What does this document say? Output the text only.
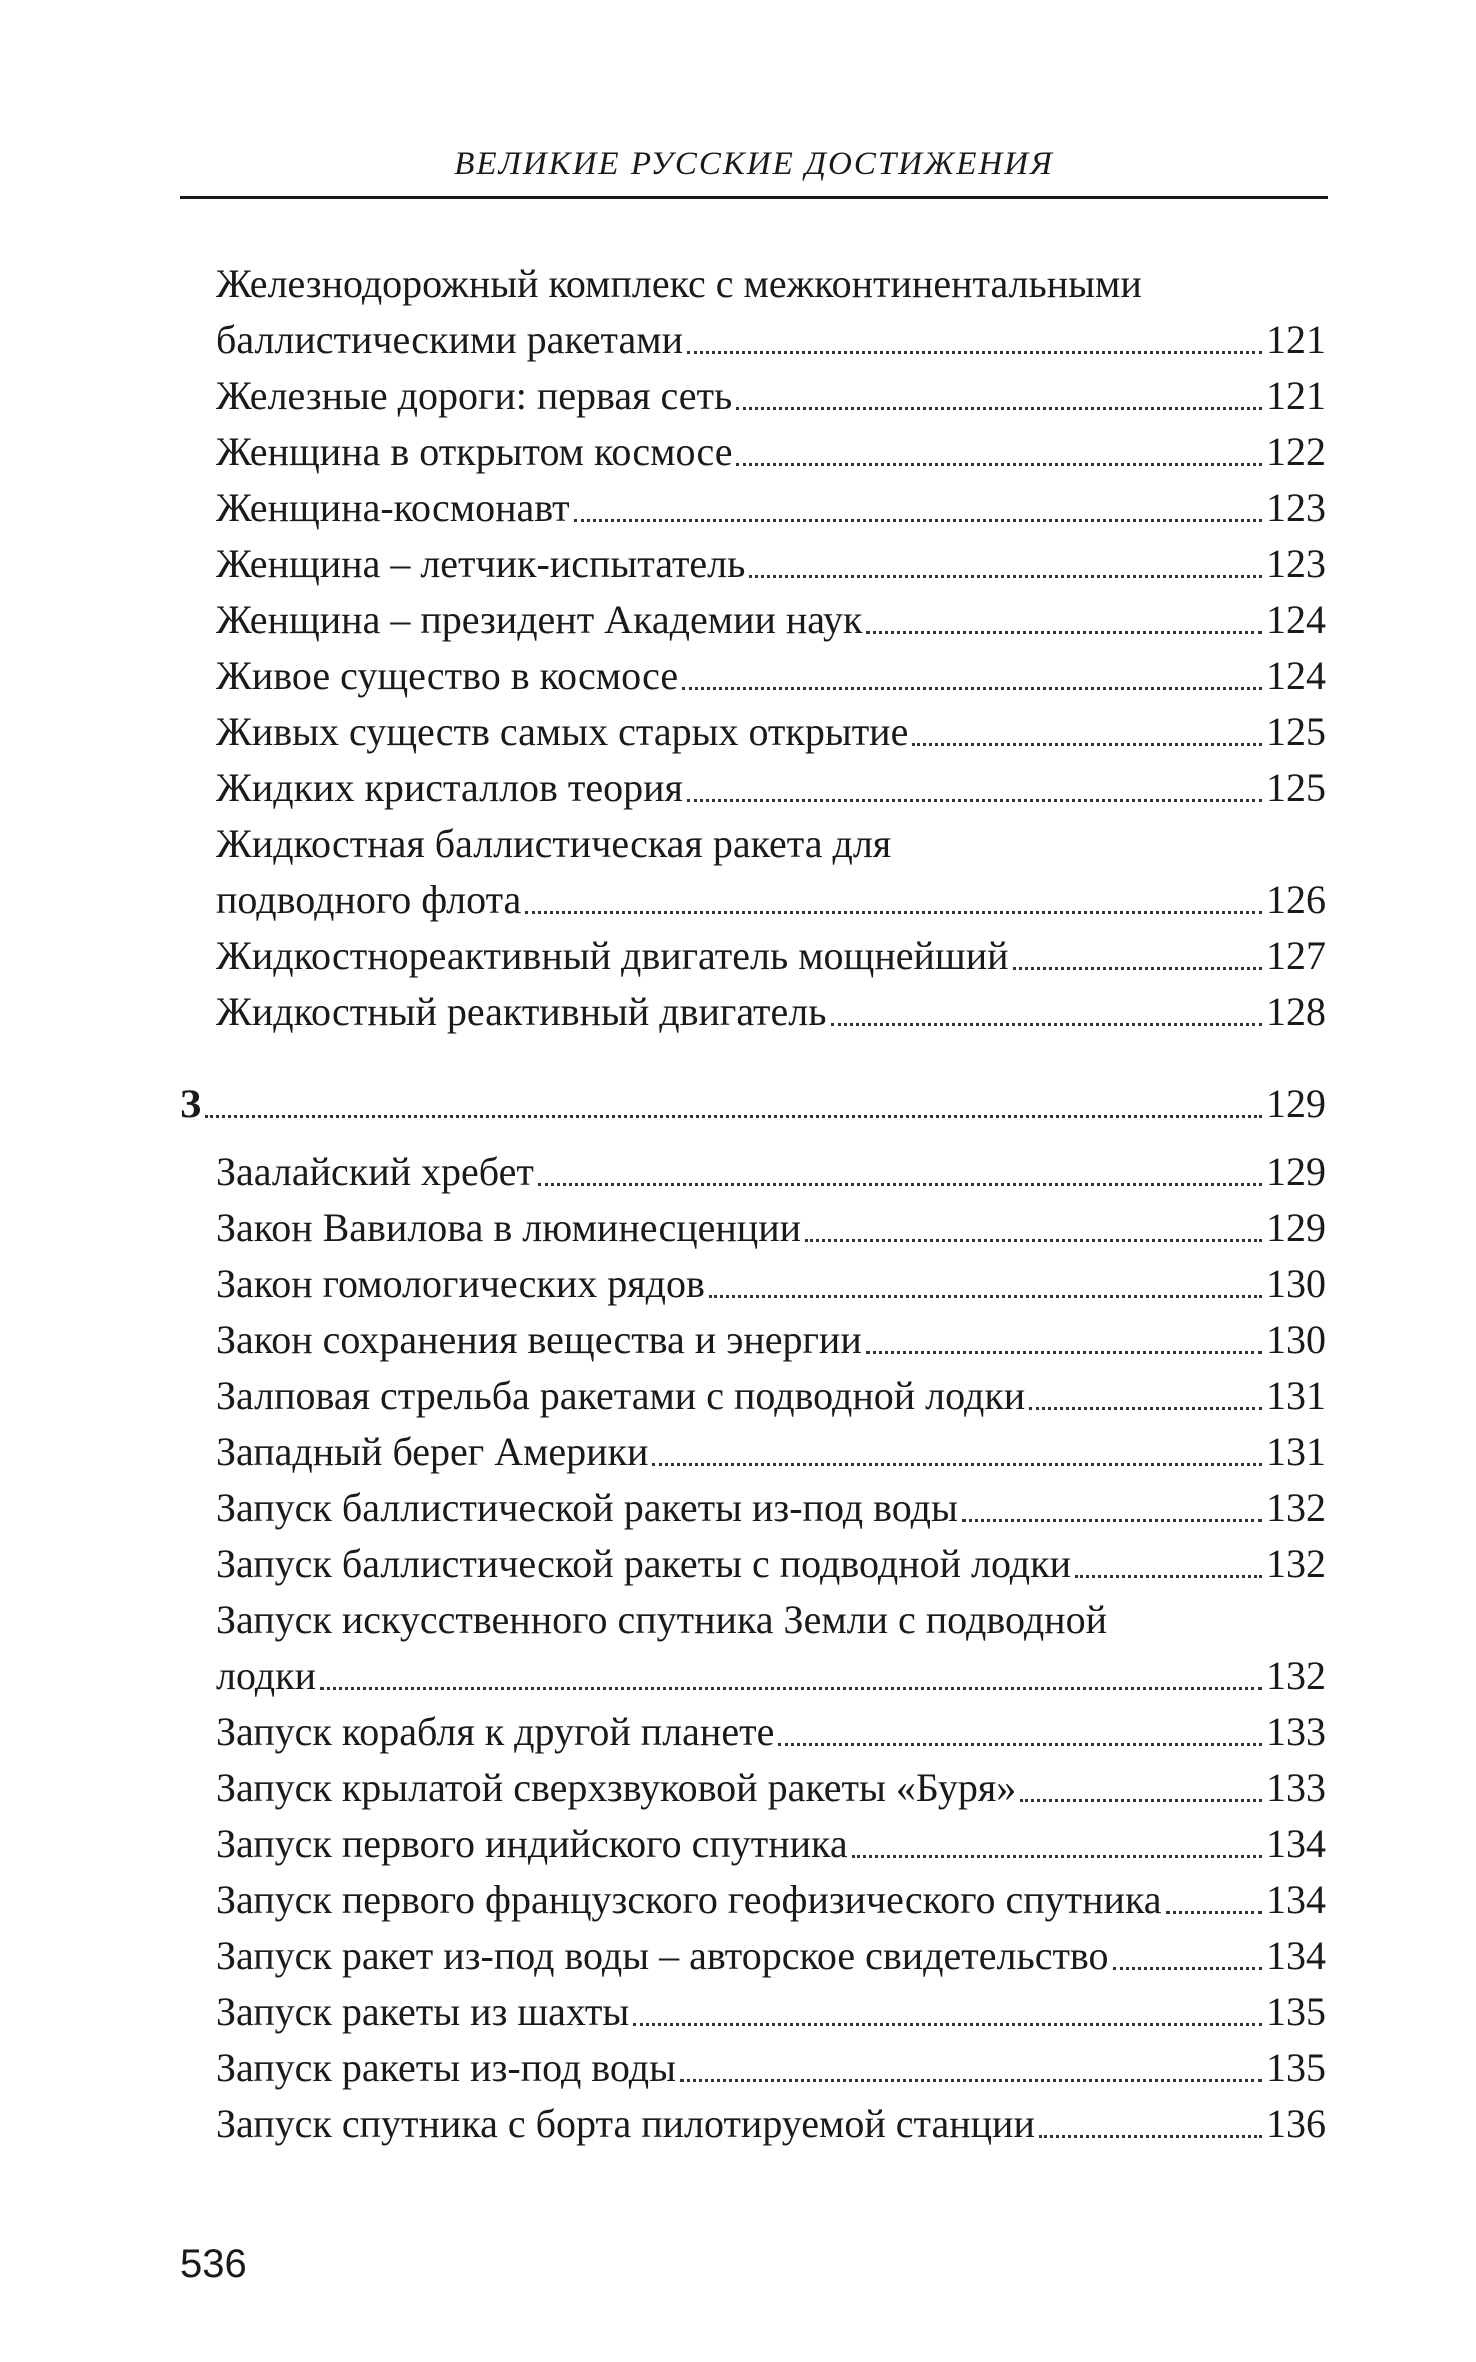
ВЕЛИКИЕ РУССКИЕ ДОСТИЖЕНИЯ
Железнодорожный комплекс с межконтинентальными
баллистическими ракетами	121
Железные дороги: первая сеть	121
Женщина в открытом космосе	122
Женщина-космонавт	123
Женщина – летчик-испытатель	123
Женщина – президент Академии наук	124
Живое существо в космосе	124
Живых существ самых старых открытие	125
Жидких кристаллов теория	125
Жидкостная баллистическая ракета для
подводного флота	126
Жидкостнореактивный двигатель мощнейший	127
Жидкостный реактивный двигатель	128
З	129
Заалайский хребет	129
Закон Вавилова в люминесценции	129
Закон гомологических рядов	130
Закон сохранения вещества и энергии	130
Залповая стрельба ракетами с подводной лодки	131
Западный берег Америки	131
Запуск баллистической ракеты из-под воды	132
Запуск баллистической ракеты с подводной лодки	132
Запуск искусственного спутника Земли с подводной
лодки	132
Запуск корабля к другой планете	133
Запуск крылатой сверхзвуковой ракеты «Буря»	133
Запуск первого индийского спутника	134
Запуск первого французского геофизического спутника	134
Запуск ракет из-под воды – авторское свидетельство	134
Запуск ракеты из шахты	135
Запуск ракеты из-под воды	135
Запуск спутника с борта пилотируемой станции	136
536
